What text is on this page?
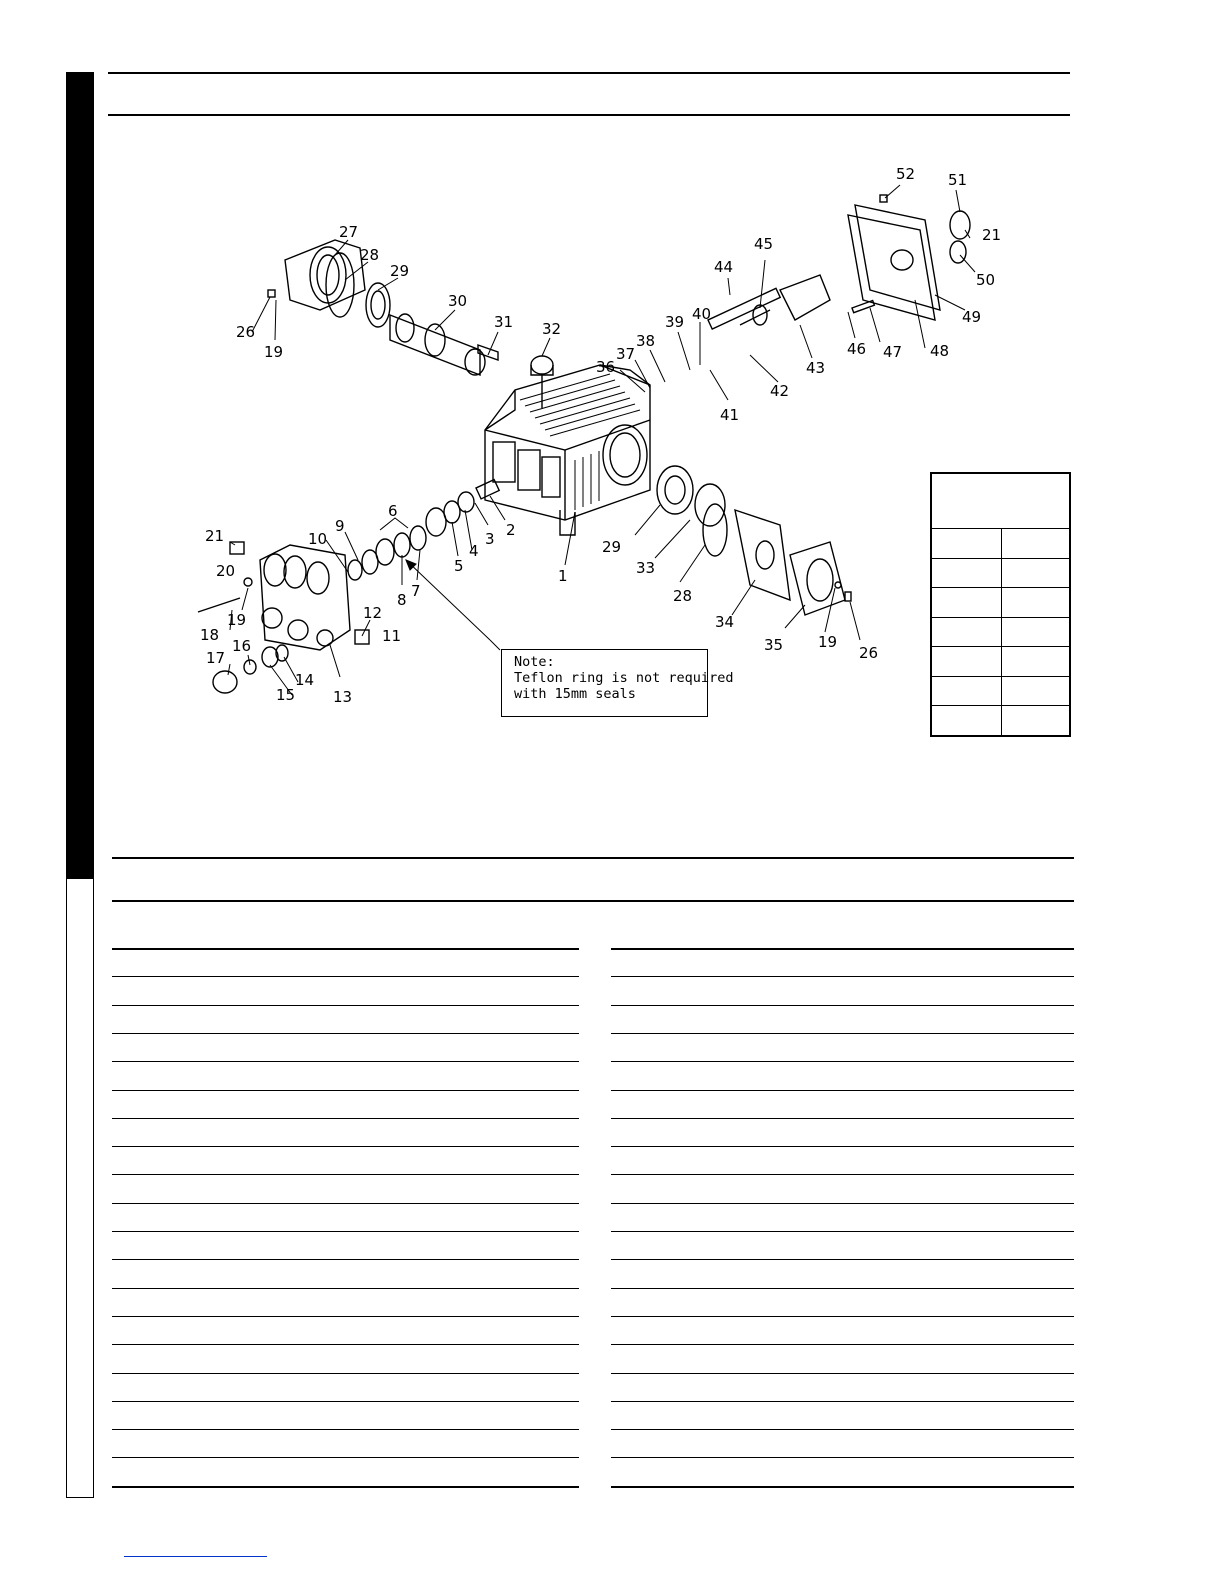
1
2
3
4
5
6
7
8
9
10
11
12
13
14
15
16
17
18
19
20
21
26
19
27
28
29
30
31 32
36
37
38
39 40
41
42
43
44
45
46 47 48
49
50
21
51
52
29
33
28
34
35 19
26
Note:
Teflon ring is not required
with 15mm seals
